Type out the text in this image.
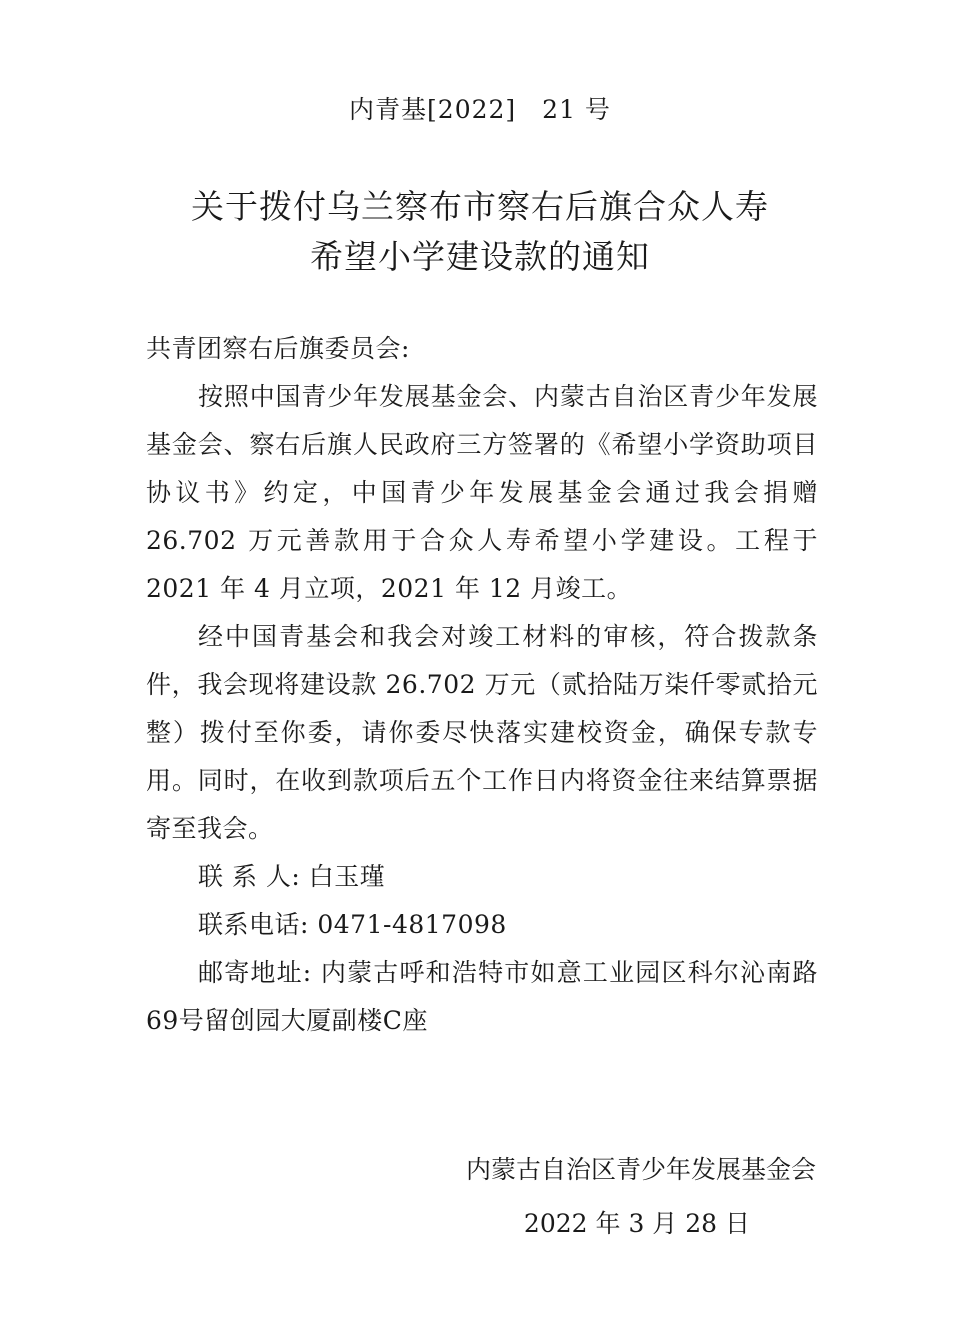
内青基[2022]　21 号
关于拨付乌兰察布市察右后旗合众人寿
希望小学建设款的通知

共青团察右后旗委员会:

按照中国青少年发展基金会、内蒙古自治区青少年发展基金会、察右后旗人民政府三方签署的《希望小学资助项目协议书》约定，中国青少年发展基金会通过我会捐赠 26.702 万元善款用于合众人寿希望小学建设。工程于 2021 年 4 月立项，2021 年 12 月竣工。

经中国青基会和我会对竣工材料的审核，符合拨款条件，我会现将建设款 26.702 万元（贰拾陆万柒仟零贰拾元整）拨付至你委，请你委尽快落实建校资金，确保专款专用。同时，在收到款项后五个工作日内将资金往来结算票据寄至我会。

联 系 人: 白玉瑾

联系电话: 0471-4817098

邮寄地址: 内蒙古呼和浩特市如意工业园区科尔沁南路69号留创园大厦副楼C座

内蒙古自治区青少年发展基金会
2022 年 3 月 28 日
